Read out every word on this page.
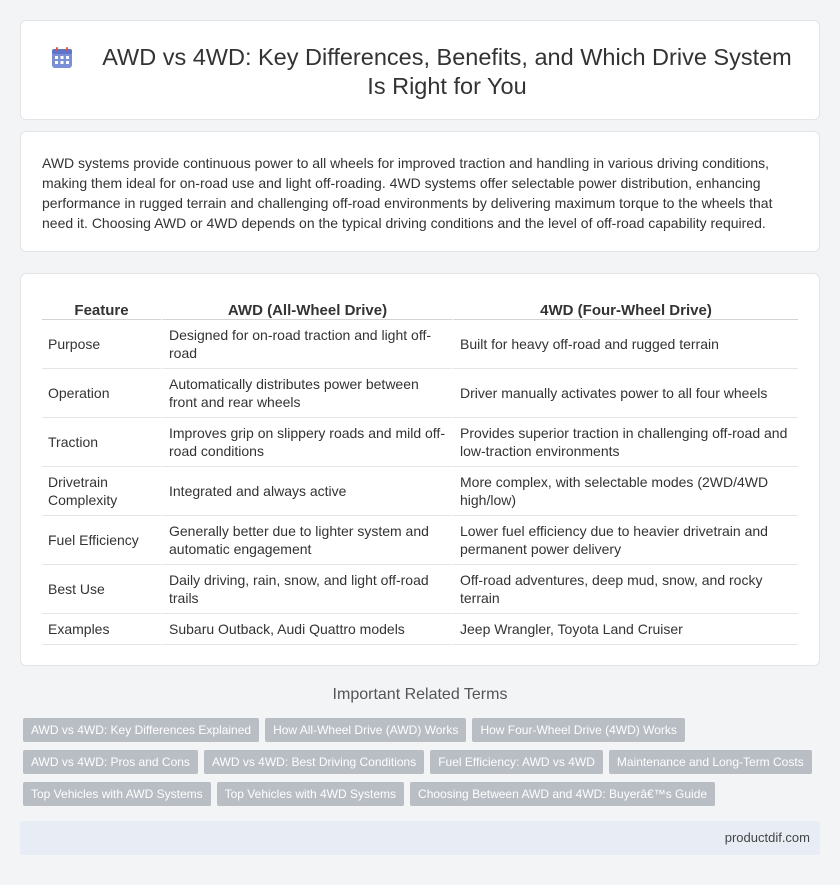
AWD vs 4WD: Key Differences, Benefits, and Which Drive System Is Right for You

AWD systems provide continuous power to all wheels for improved traction and handling in various driving conditions, making them ideal for on-road use and light off-roading. 4WD systems offer selectable power distribution, enhancing performance in rugged terrain and challenging off-road environments by delivering maximum torque to the wheels that need it. Choosing AWD or 4WD depends on the typical driving conditions and the level of off-road capability required.

Feature	AWD (All-Wheel Drive)	4WD (Four-Wheel Drive)
Purpose	Designed for on-road traction and light off-road	Built for heavy off-road and rugged terrain
Operation	Automatically distributes power between front and rear wheels	Driver manually activates power to all four wheels
Traction	Improves grip on slippery roads and mild off-road conditions	Provides superior traction in challenging off-road and low-traction environments
Drivetrain Complexity	Integrated and always active	More complex, with selectable modes (2WD/4WD high/low)
Fuel Efficiency	Generally better due to lighter system and automatic engagement	Lower fuel efficiency due to heavier drivetrain and permanent power delivery
Best Use	Daily driving, rain, snow, and light off-road trails	Off-road adventures, deep mud, snow, and rocky terrain
Examples	Subaru Outback, Audi Quattro models	Jeep Wrangler, Toyota Land Cruiser
Important Related Terms
AWD vs 4WD: Key Differences Explained	How All-Wheel Drive (AWD) Works	How Four-Wheel Drive (4WD) Works
AWD vs 4WD: Pros and Cons	AWD vs 4WD: Best Driving Conditions	Fuel Efficiency: AWD vs 4WD	Maintenance and Long-Term Costs
Top Vehicles with AWD Systems	Top Vehicles with 4WD Systems	Choosing Between AWD and 4WD: Buyerâ€™s Guide
productdif.com
